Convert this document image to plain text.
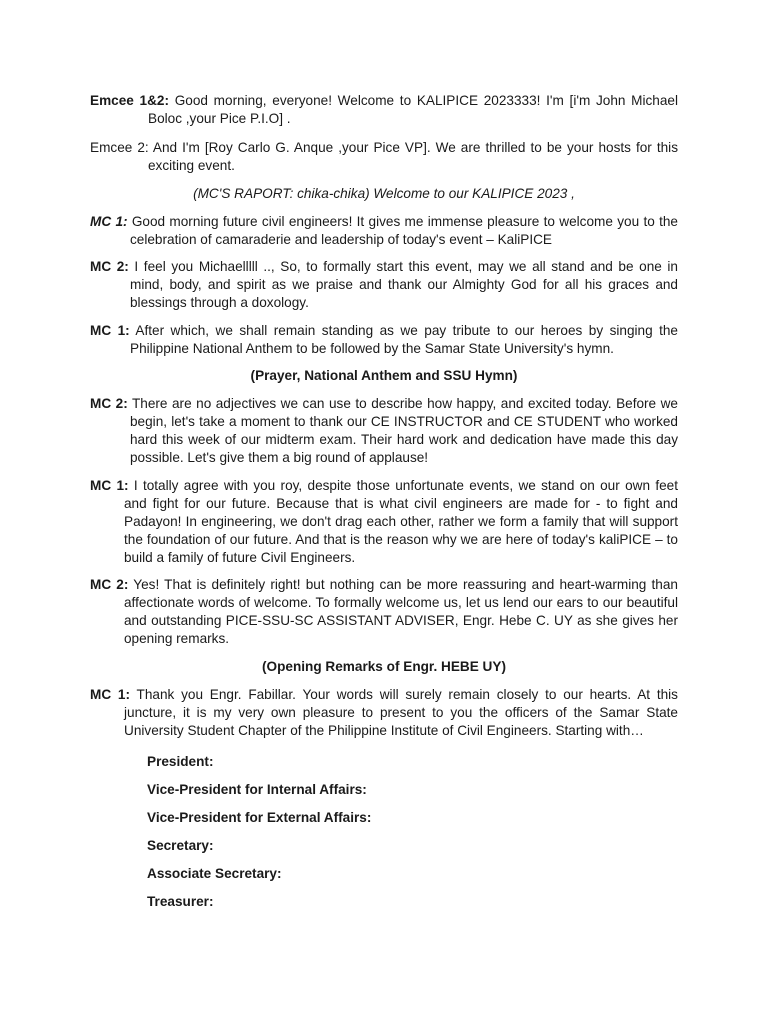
Emcee 1&2: Good morning, everyone! Welcome to KALIPICE 2023333! I'm [i'm John Michael Boloc ,your Pice P.I.O] .

Emcee 2: And I'm [Roy Carlo G. Anque ,your Pice VP]. We are thrilled to be your hosts for this exciting event.

(MC'S RAPORT: chika-chika) Welcome to our KALIPICE 2023 ,

MC 1: Good morning future civil engineers! It gives me immense pleasure to welcome you to the celebration of camaraderie and leadership of today's event – KaliPICE

MC 2: I feel you Michaelllll .., So, to formally start this event, may we all stand and be one in mind, body, and spirit as we praise and thank our Almighty God for all his graces and blessings through a doxology.

MC 1: After which, we shall remain standing as we pay tribute to our heroes by singing the Philippine National Anthem to be followed by the Samar State University's hymn.

(Prayer, National Anthem and SSU Hymn)

MC 2: There are no adjectives we can use to describe how happy, and excited today. Before we begin, let's take a moment to thank our CE INSTRUCTOR and CE STUDENT who worked hard this week of our midterm exam. Their hard work and dedication have made this day possible. Let's give them a big round of applause!

MC 1: I totally agree with you roy, despite those unfortunate events, we stand on our own feet and fight for our future. Because that is what civil engineers are made for - to fight and Padayon! In engineering, we don't drag each other, rather we form a family that will support the foundation of our future. And that is the reason why we are here of today's kaliPICE – to build a family of future Civil Engineers.

MC 2: Yes! That is definitely right! but nothing can be more reassuring and heart-warming than affectionate words of welcome. To formally welcome us, let us lend our ears to our beautiful and outstanding PICE-SSU-SC ASSISTANT ADVISER, Engr. Hebe C. UY as she gives her opening remarks.

(Opening Remarks of Engr. HEBE UY)

MC 1: Thank you Engr. Fabillar. Your words will surely remain closely to our hearts. At this juncture, it is my very own pleasure to present to you the officers of the Samar State University Student Chapter of the Philippine Institute of Civil Engineers. Starting with…

President:

Vice-President for Internal Affairs:

Vice-President for External Affairs:

Secretary:

Associate Secretary:

Treasurer:
